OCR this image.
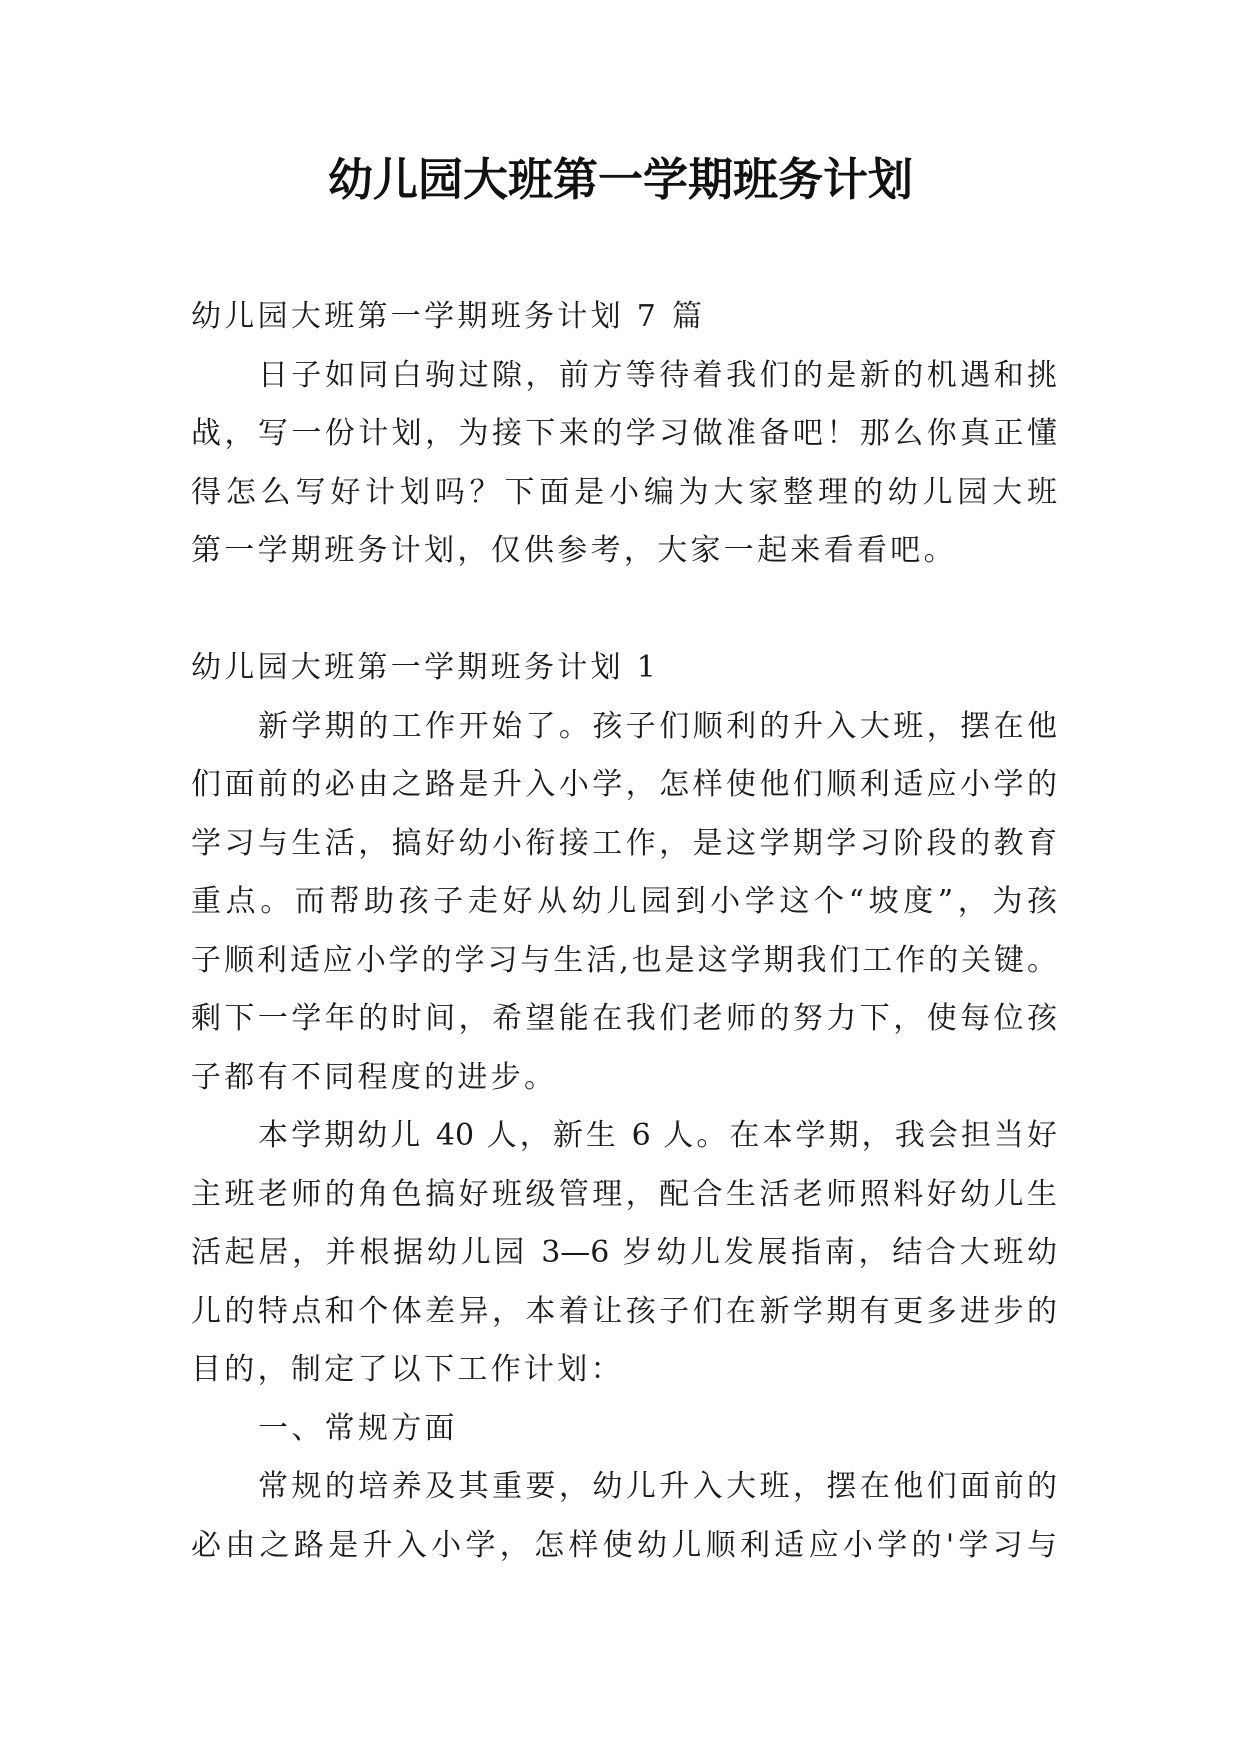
幼儿园大班第一学期班务计划
幼儿园大班第一学期班务计划 7 篇
日子如同白驹过隙，前方等待着我们的是新的机遇和挑
战，写一份计划，为接下来的学习做准备吧！那么你真正懂
得怎么写好计划吗？下面是小编为大家整理的幼儿园大班
第一学期班务计划，仅供参考，大家一起来看看吧。
幼儿园大班第一学期班务计划 1
新学期的工作开始了。孩子们顺利的升入大班，摆在他
们面前的必由之路是升入小学，怎样使他们顺利适应小学的
学习与生活，搞好幼小衔接工作，是这学期学习阶段的教育
重点。而帮助孩子走好从幼儿园到小学这个“坡度”，为孩
子顺利适应小学的学习与生活,也是这学期我们工作的关键。
剩下一学年的时间，希望能在我们老师的努力下，使每位孩
子都有不同程度的进步。
本学期幼儿 40 人，新生 6 人。在本学期，我会担当好
主班老师的角色搞好班级管理，配合生活老师照料好幼儿生
活起居，并根据幼儿园 3—6 岁幼儿发展指南，结合大班幼
儿的特点和个体差异，本着让孩子们在新学期有更多进步的
目的，制定了以下工作计划：
一、常规方面
常规的培养及其重要，幼儿升入大班，摆在他们面前的
必由之路是升入小学，怎样使幼儿顺利适应小学的'学习与
